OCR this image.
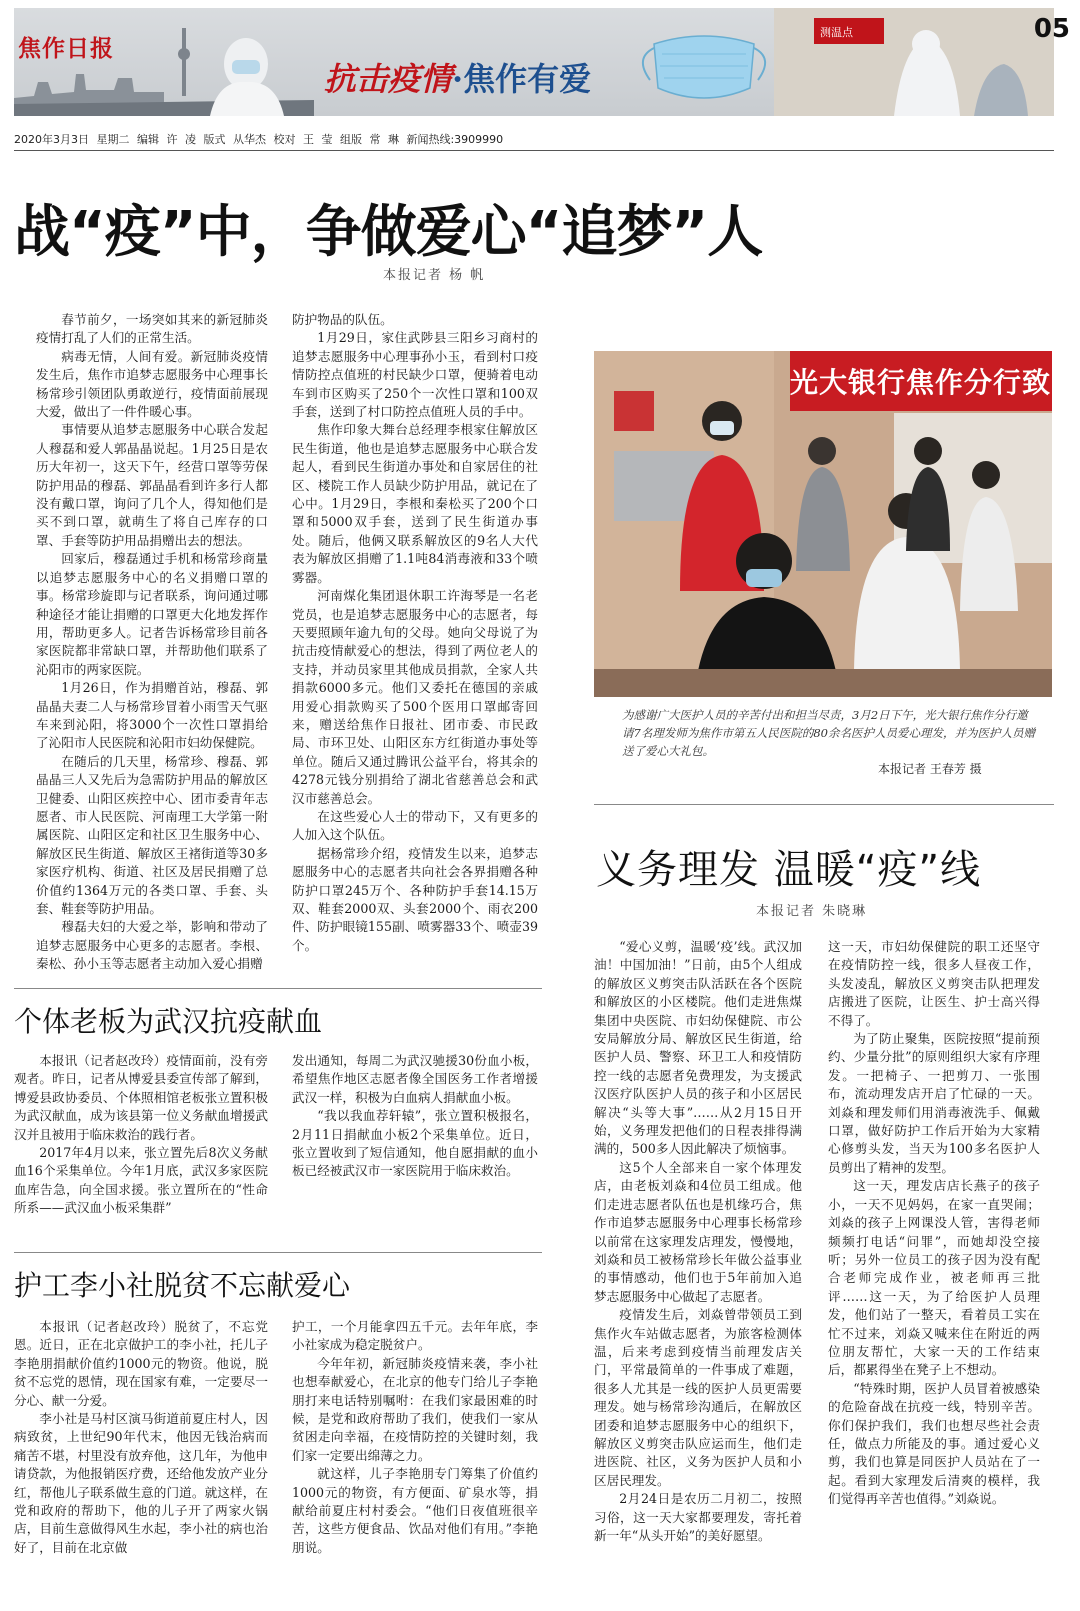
测温点
焦作日报
抗击疫情·焦作有爱
05
2020年3月3日 星期二 编辑 许 凌 版式 从华杰 校对 王 莹 组版 常 琳 新闻热线:3909990
战“疫”中，争做爱心“追梦”人
本报记者 杨 帆

春节前夕，一场突如其来的新冠肺炎疫情打乱了人们的正常生活。

病毒无情，人间有爱。新冠肺炎疫情发生后，焦作市追梦志愿服务中心理事长杨常珍引领团队勇敢逆行，疫情面前展现大爱，做出了一件件暖心事。

事情要从追梦志愿服务中心联合发起人穆磊和爱人郭晶晶说起。1月25日是农历大年初一，这天下午，经营口罩等劳保防护用品的穆磊、郭晶晶看到许多行人都没有戴口罩，询问了几个人，得知他们是买不到口罩，就萌生了将自己库存的口罩、手套等防护用品捐赠出去的想法。

回家后，穆磊通过手机和杨常珍商量以追梦志愿服务中心的名义捐赠口罩的事。杨常珍旋即与记者联系，询问通过哪种途径才能让捐赠的口罩更大化地发挥作用，帮助更多人。记者告诉杨常珍目前各家医院都非常缺口罩，并帮助他们联系了沁阳市的两家医院。

1月26日，作为捐赠首站，穆磊、郭晶晶夫妻二人与杨常珍冒着小雨雪天气驱车来到沁阳，将3000个一次性口罩捐给了沁阳市人民医院和沁阳市妇幼保健院。

在随后的几天里，杨常珍、穆磊、郭晶晶三人又先后为急需防护用品的解放区卫健委、山阳区疾控中心、团市委青年志愿者、市人民医院、河南理工大学第一附属医院、山阳区定和社区卫生服务中心、解放区民生街道、解放区王褚街道等30多家医疗机构、街道、社区及居民捐赠了总价值约1364万元的各类口罩、手套、头套、鞋套等防护用品。

穆磊夫妇的大爱之举，影响和带动了追梦志愿服务中心更多的志愿者。李根、秦松、孙小玉等志愿者主动加入爱心捐赠

防护物品的队伍。

1月29日，家住武陟县三阳乡习商村的追梦志愿服务中心理事孙小玉，看到村口疫情防控点值班的村民缺少口罩，便骑着电动车到市区购买了250个一次性口罩和100双手套，送到了村口防控点值班人员的手中。

焦作印象大舞台总经理李根家住解放区民生街道，他也是追梦志愿服务中心联合发起人，看到民生街道办事处和自家居住的社区、楼院工作人员缺少防护用品，就记在了心中。1月29日，李根和秦松买了200个口罩和5000双手套，送到了民生街道办事处。随后，他俩又联系解放区的9名人大代表为解放区捐赠了1.1吨84消毒液和33个喷雾器。

河南煤化集团退休职工许海琴是一名老党员，也是追梦志愿服务中心的志愿者，每天要照顾年逾九旬的父母。她向父母说了为抗击疫情献爱心的想法，得到了两位老人的支持，并动员家里其他成员捐款，全家人共捐款6000多元。他们又委托在德国的亲戚用爱心捐款购买了500个医用口罩邮寄回来，赠送给焦作日报社、团市委、市民政局、市环卫处、山阳区东方红街道办事处等单位。随后又通过腾讯公益平台，将其余的4278元钱分别捐给了湖北省慈善总会和武汉市慈善总会。

在这些爱心人士的带动下，又有更多的人加入这个队伍。

据杨常珍介绍，疫情发生以来，追梦志愿服务中心的志愿者共向社会各界捐赠各种防护口罩245万个、各种防护手套14.15万双、鞋套2000双、头套2000个、雨衣200件、防护眼镜155副、喷雾器33个、喷壶39个。

个体老板为武汉抗疫献血

本报讯（记者赵改玲）疫情面前，没有旁观者。昨日，记者从博爱县委宣传部了解到，博爱县政协委员、个体照相馆老板张立置积极为武汉献血，成为该县第一位义务献血增援武汉并且被用于临床救治的践行者。

2017年4月以来，张立置先后8次义务献血16个采集单位。今年1月底，武汉多家医院血库告急，向全国求援。张立置所在的“性命所系——武汉血小板采集群”

发出通知，每周二为武汉驰援30份血小板，希望焦作地区志愿者像全国医务工作者增援武汉一样，积极为白血病人捐献血小板。

“我以我血荐轩辕”，张立置积极报名，2月11日捐献血小板2个采集单位。近日，张立置收到了短信通知，他自愿捐献的血小板已经被武汉市一家医院用于临床救治。

护工李小社脱贫不忘献爱心

本报讯（记者赵改玲）脱贫了，不忘党恩。近日，正在北京做护工的李小社，托儿子李艳朋捐献价值约1000元的物资。他说，脱贫不忘党的恩情，现在国家有难，一定要尽一分心、献一分爱。

李小社是马村区演马街道前夏庄村人，因病致贫，上世纪90年代末，他因无钱治病而痛苦不堪，村里没有放弃他，这几年，为他申请贷款，为他报销医疗费，还给他发放产业分红，帮他儿子联系做生意的门道。就这样，在党和政府的帮助下，他的儿子开了两家火锅店，目前生意做得风生水起，李小社的病也治好了，目前在北京做

护工，一个月能拿四五千元。去年年底，李小社家成为稳定脱贫户。

今年年初，新冠肺炎疫情来袭，李小社也想奉献爱心，在北京的他专门给儿子李艳朋打来电话特别嘱咐：在我们家最困难的时候，是党和政府帮助了我们，使我们一家从贫困走向幸福，在疫情防控的关键时刻，我们家一定要出绵薄之力。

就这样，儿子李艳朋专门筹集了价值约1000元的物资，有方便面、矿泉水等，捐献给前夏庄村村委会。“他们日夜值班很辛苦，这些方便食品、饮品对他们有用。”李艳朋说。

光大银行焦作分行致
为感谢广大医护人员的辛苦付出和担当尽责，3月2日下午，光大银行焦作分行邀请7名理发师为焦作市第五人民医院的80余名医护人员爱心理发，并为医护人员赠送了爱心大礼包。
本报记者 王春芳 摄
义务理发 温暖“疫”线
本报记者 朱晓琳

“爱心义剪，温暖‘疫’线。武汉加油！中国加油！”日前，由5个人组成的解放区义剪突击队活跃在各个医院和解放区的小区楼院。他们走进焦煤集团中央医院、市妇幼保健院、市公安局解放分局、解放区民生街道，给医护人员、警察、环卫工人和疫情防控一线的志愿者免费理发，为支援武汉医疗队医护人员的孩子和小区居民解决“头等大事”……从2月15日开始，义务理发把他们的日程表排得满满的，500多人因此解决了烦恼事。

这5个人全部来自一家个体理发店，由老板刘焱和4位员工组成。他们走进志愿者队伍也是机缘巧合，焦作市追梦志愿服务中心理事长杨常珍以前常在这家理发店理发，慢慢地，刘焱和员工被杨常珍长年做公益事业的事情感动，他们也于5年前加入追梦志愿服务中心做起了志愿者。

疫情发生后，刘焱曾带领员工到焦作火车站做志愿者，为旅客检测体温，后来考虑到疫情当前理发店关门，平常最简单的一件事成了难题，很多人尤其是一线的医护人员更需要理发。她与杨常珍沟通后，在解放区团委和追梦志愿服务中心的组织下，解放区义剪突击队应运而生，他们走进医院、社区，义务为医护人员和小区居民理发。

2月24日是农历二月初二，按照习俗，这一天大家都要理发，寄托着新一年“从头开始”的美好愿望。

这一天，市妇幼保健院的职工还坚守在疫情防控一线，很多人昼夜工作，头发凌乱，解放区义剪突击队把理发店搬进了医院，让医生、护士高兴得不得了。

为了防止聚集，医院按照“提前预约、少量分批”的原则组织大家有序理发。一把椅子、一把剪刀、一张围布，流动理发店开启了忙碌的一天。刘焱和理发师们用消毒液洗手、佩戴口罩，做好防护工作后开始为大家精心修剪头发，当天为100多名医护人员剪出了精神的发型。

这一天，理发店店长燕子的孩子小，一天不见妈妈，在家一直哭闹；刘焱的孩子上网课没人管，害得老师频频打电话“问罪”，而她却没空接听；另外一位员工的孩子因为没有配合老师完成作业，被老师再三批评……这一天，为了给医护人员理发，他们站了一整天，看着员工实在忙不过来，刘焱又喊来住在附近的两位朋友帮忙，大家一天的工作结束后，都累得坐在凳子上不想动。

“特殊时期，医护人员冒着被感染的危险奋战在抗疫一线，特别辛苦。你们保护我们，我们也想尽些社会责任，做点力所能及的事。通过爱心义剪，我们也算是同医护人员站在了一起。看到大家理发后清爽的模样，我们觉得再辛苦也值得。”刘焱说。
